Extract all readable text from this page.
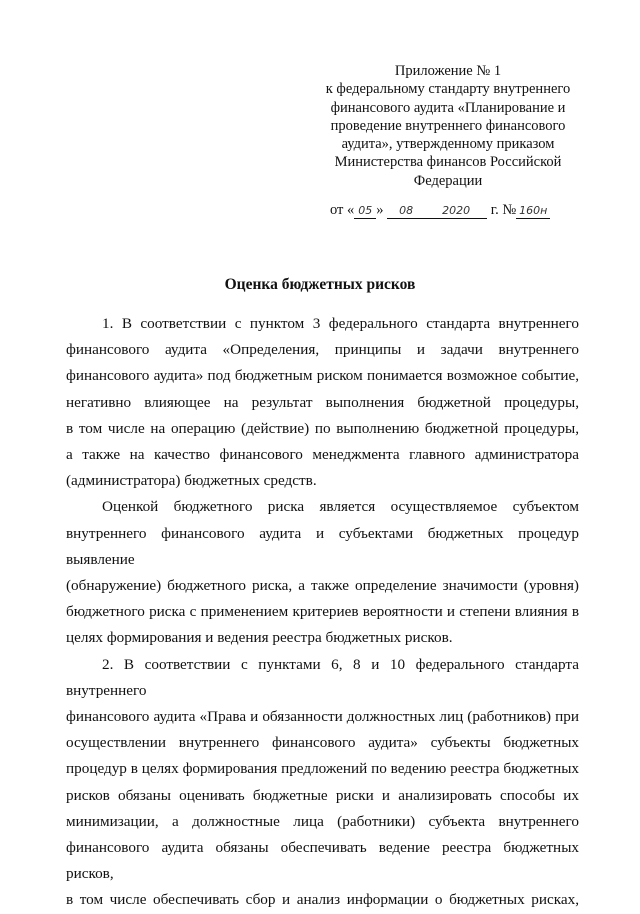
Приложение № 1
к федеральному стандарту внутреннего
финансового аудита «Планирование и
проведение внутреннего финансового
аудита», утвержденному приказом
Министерства финансов Российской
Федерации
от « 05 » 08	2020 г. № 160н
Оценка бюджетных рисков

1. В соответствии с пунктом 3 федерального стандарта внутреннего
финансового аудита «Определения, принципы и задачи внутреннего
финансового аудита» под бюджетным риском понимается возможное событие,
негативно влияющее на результат выполнения бюджетной процедуры,
в том числе на операцию (действие) по выполнению бюджетной процедуры,
а также на качество финансового менеджмента главного администратора
(администратора) бюджетных средств.

Оценкой бюджетного риска является осуществляемое субъектом
внутреннего финансового аудита и субъектами бюджетных процедур выявление
(обнаружение) бюджетного риска, а также определение значимости (уровня)
бюджетного риска с применением критериев вероятности и степени влияния в
целях формирования и ведения реестра бюджетных рисков.

2. В соответствии с пунктами 6, 8 и 10 федерального стандарта внутреннего
финансового аудита «Права и обязанности должностных лиц (работников) при
осуществлении внутреннего финансового аудита» субъекты бюджетных
процедур в целях формирования предложений по ведению реестра бюджетных
рисков обязаны оценивать бюджетные риски и анализировать способы их
минимизации, а должностные лица (работники) субъекта внутреннего
финансового аудита обязаны обеспечивать ведение реестра бюджетных рисков,
в том числе обеспечивать сбор и анализ информации о бюджетных рисках,
